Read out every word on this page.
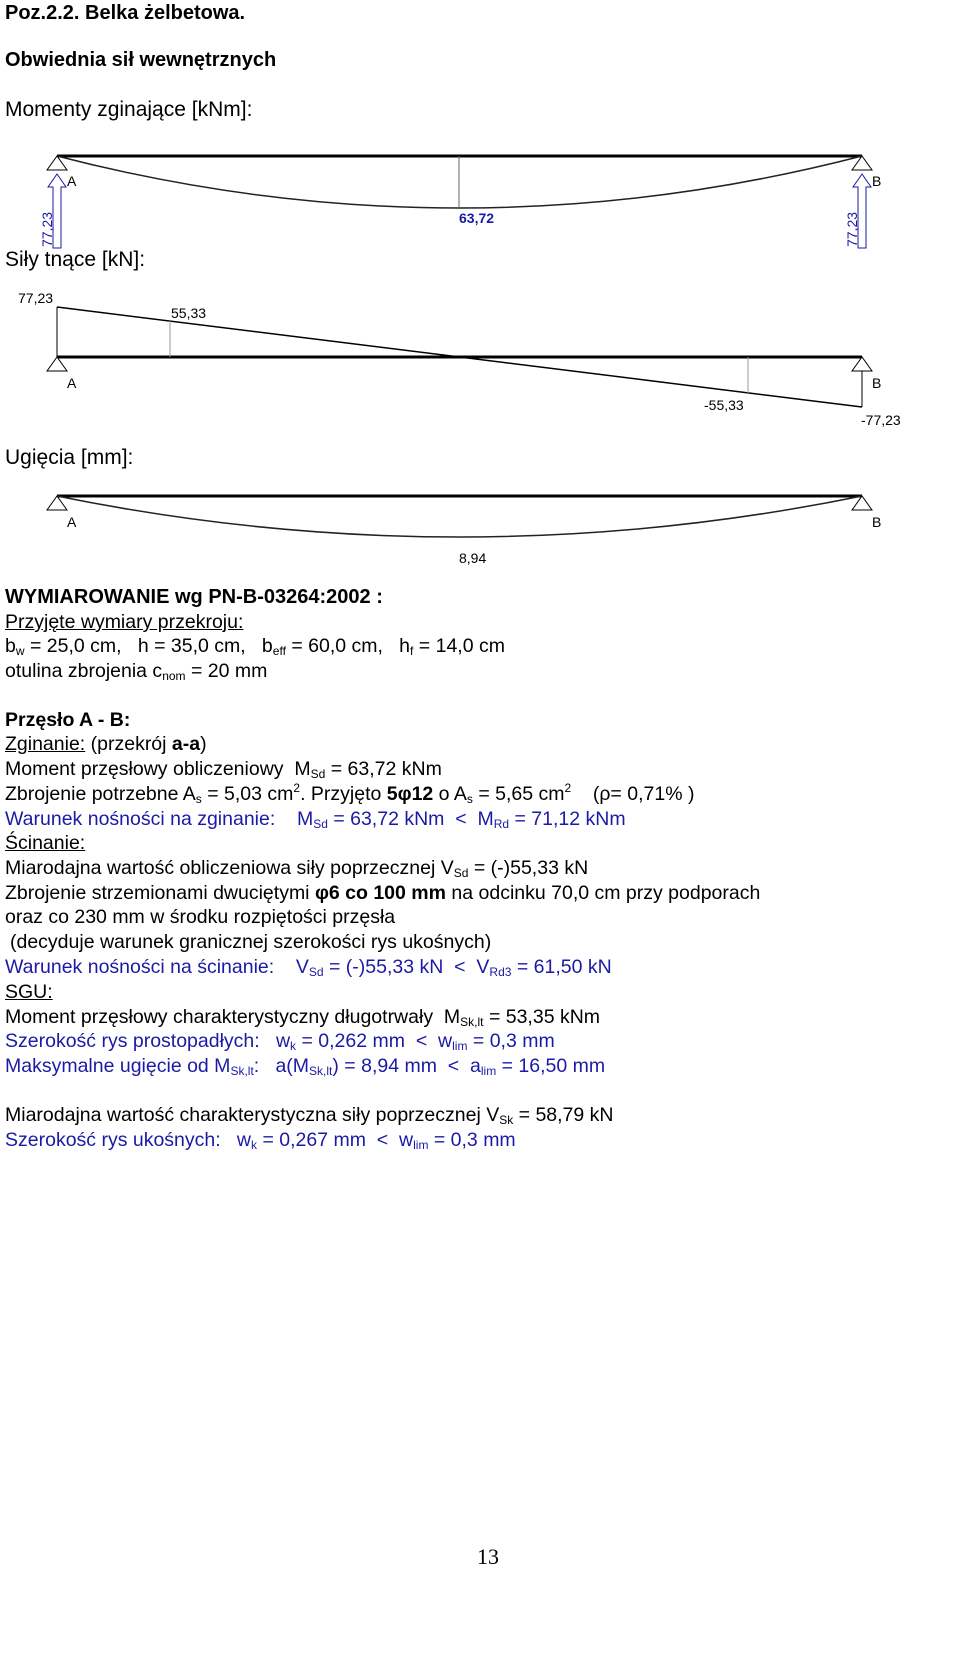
Poz.2.2. Belka żelbetowa.
Obwiednia sił wewnętrznych
Momenty zginające [kNm]:
A	B
77,23	77,23
63,72
A	B
77,23
55,33
-55,33
-77,23
A	B
8,94
Siły tnące [kN]:
Ugięcia [mm]:
WYMIAROWANIE wg PN-B-03264:2002 :
Przyjęte wymiary przekroju:
$b_w = 25,0$ cm, h = 35,0 cm,   $b_{eff} = 60,0$ cm,   $h_f = 14,0$ cm
otulina zbrojenia $c_{nom} = 20$ mm
Przęsło A - B:
Zginanie: (przekrój a-a)
Moment przęsłowy obliczeniowy  $M_{Sd} = 63,72$ kNm
Zbrojenie potrzebne $A_s = 5,03$ $cm^2$. Przyjęto 5φ12 o $A_s = 5,65$ $cm^2$ (ρ= 0,71% )
Warunek nośności na zginanie:    $M_{Sd} = 63,72$ kNm  <  $M_{Rd} = 71,12$ kNm
Ścinanie:
Miarodajna wartość obliczeniowa siły poprzecznej $V_{Sd} = (-)55,33$ kN
Zbrojenie strzemionami dwuciętymi φ6 co 100 mm na odcinku 70,0 cm przy podporach
oraz co 230 mm w środku rozpiętości przęsła
(decyduje warunek granicznej szerokości rys ukośnych)
Warunek nośności na ścinanie:    $V_{Sd} = (-)55,33$ kN  <  $V_{Rd3} = 61,50$ kN
SGU:
Moment przęsłowy charakterystyczny długotrwały  $M_{Sk,lt} = 53,35$ kNm
Szerokość rys prostopadłych:   $w_k = 0,262$ mm  <  $w_{lim} = 0,3$ mm
Maksymalne ugięcie od $M_{Sk,lt}$:   $a(M_{Sk,lt}) = 8,94$ mm  <  $a_{lim} = 16,50$ mm
Miarodajna wartość charakterystyczna siły poprzecznej $V_{Sk} = 58,79$ kN
Szerokość rys ukośnych:   $w_k = 0,267$ mm  <  $w_{lim} = 0,3$ mm
13
